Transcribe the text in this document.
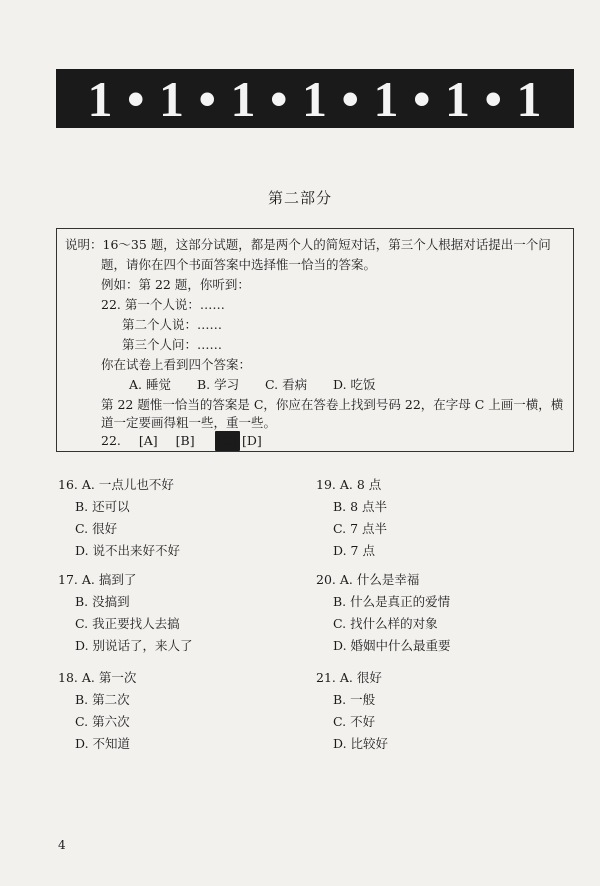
1 • 1 • 1 • 1 • 1 • 1 • 1
第二部分
说明：16～35 题，这部分试题，都是两个人的简短对话，第三个人根据对话提出一个问
题，请你在四个书面答案中选择惟一恰当的答案。
例如：第 22 题，你听到：
22. 第一个人说：……
第二个人说：……
第三个人问：……
你在试卷上看到四个答案：
A. 睡觉 B. 学习 C. 看病 D. 吃饭
第 22 题惟一恰当的答案是 C，你应在答卷上找到号码 22，在字母 C 上画一横，横
道一定要画得粗一些，重一些。
22. [A] [B] [C] [D]
16. A. 一点儿也不好
B. 还可以
C. 很好
D. 说不出来好不好
17. A. 搞到了
B. 没搞到
C. 我正要找人去搞
D. 别说话了，来人了
18. A. 第一次
B. 第二次
C. 第六次
D. 不知道
19. A. 8 点
B. 8 点半
C. 7 点半
D. 7 点
20. A. 什么是幸福
B. 什么是真正的爱情
C. 找什么样的对象
D. 婚姻中什么最重要
21. A. 很好
B. 一般
C. 不好
D. 比较好
4
